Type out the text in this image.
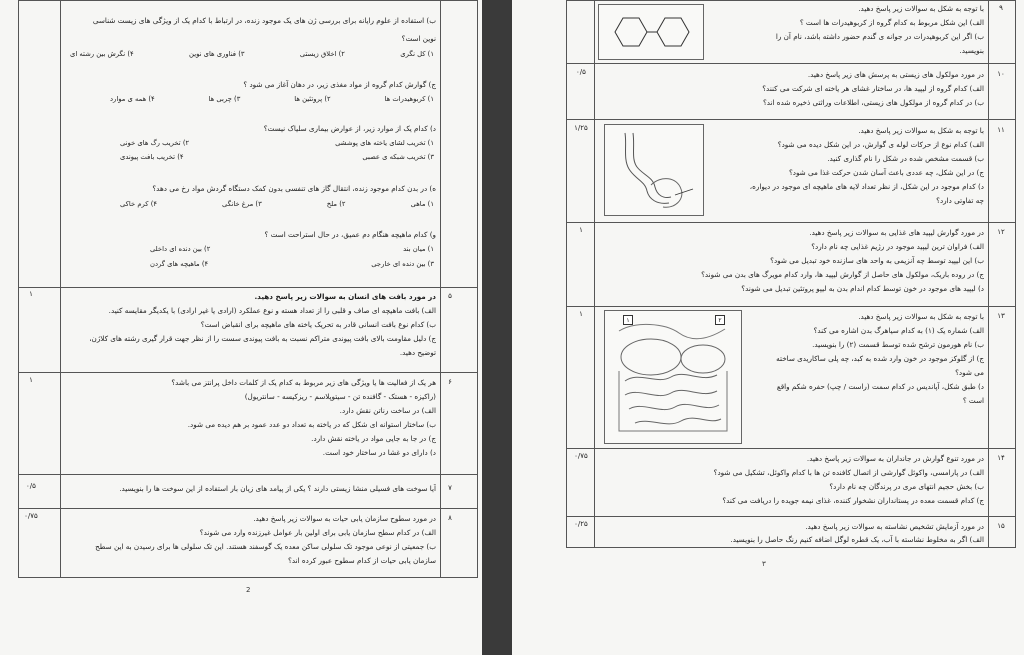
ب) استفاده از علوم رایانه برای بررسی ژن های یک موجود زنده، در ارتباط با کدام یک از ویژگی های زیست شناسی
نوین است؟
۱) کل نگری
۲) اخلاق زیستی
۳) فناوری های نوین
۴) نگرش بین رشته ای
ج) گوارش کدام گروه از مواد مغذی زیر، در دهان آغاز می شود ؟
۱) کربوهیدرات ها
۲) پروتئین ها
۳) چربی ها
۴) همه ی موارد
د) کدام یک از موارد زیر، از عوارض بیماری سلیاک نیست؟
۱) تخریب لشای یاخته های پوششی
۲) تخریب رگ های خونی
۳) تخریب شبکه ی عصبی
۴) تخریب بافت پیوندی
ه) در بدن کدام موجود زنده، انتقال گاز های تنفسی بدون کمک دستگاه گردش مواد رخ می دهد؟
۱) ماهی
۲) ملخ
۳) مرغ خانگی
۴) کرم خاکی
و) کدام ماهیچه هنگام دم عمیق، در حال استراحت است ؟
۱) میان بند
۲) بین دنده ای داخلی
۳) بین دنده ای خارجی
۴) ماهیچه های گردن
۵
۱	در مورد بافت های انسان به سوالات زیر پاسخ دهید.
الف) بافت ماهیچه ای صاف و قلبی را از تعداد هسته و نوع عملکرد (ارادی یا غیر ارادی) با یکدیگر مقایسه کنید.
ب) کدام نوع بافت انسانی قادر به تحریک یاخته های ماهیچه برای انقباض است؟
ج) دلیل مقاومت بالای بافت پیوندی متراکم نسبت به بافت پیوندی سست را از نظر جهت قرار گیری رشته های کلاژن،
توضیح دهید.
۶
۱	هر یک از فعالیت ها یا ویژگی های زیر مربوط به کدام یک از کلمات داخل پرانتز می باشد؟
(راکیزه - هستک - گافنده تن - سیتوپلاسم - ریزکیسه - سانتریول)
الف) در ساخت رناتن نقش دارد.
ب) ساختار استوانه ای شکل که در یاخته به تعداد دو عدد عمود بر هم دیده می شود.
ج) در جا به جایی مواد در یاخته نقش دارد.
د) دارای دو غشا در ساختار خود است.
۷
۰/۵	آیا سوخت های فسیلی منشا زیستی دارند ؟ یکی از پیامد های زیان بار استفاده از این سوخت ها را بنویسید.
۸
۰/۷۵	در مورد سطوح سازمان یابی حیات به سوالات زیر پاسخ دهید.
الف) در کدام سطح سازمان یابی برای اولین بار عوامل غیرزنده وارد می شوند؟
ب) جمعیتی از نوعی موجود تک سلولی ساکن معده یک گوسفند هستند. این تک سلولی ها برای رسیدن به این سطح
سازمان یابی حیات از کدام سطوح عبور کرده اند؟
2
۹
با توجه به شکل به سوالات زیر پاسخ دهید.
الف) این شکل مربوط به کدام گروه از کربوهیدرات ها است ؟
ب) اگر این کربوهیدرات در جوانه ی گندم حضور داشته باشد، نام آن را
بنویسید.
۱۰
۰/۵	در مورد مولکول های زیستی به پرسش های زیر پاسخ دهید.
الف) کدام گروه از لیپید ها، در ساختار غشای هر یاخته ای شرکت می کنند؟
ب) در کدام گروه از مولکول های زیستی، اطلاعات وراثتی ذخیره شده اند؟
۱۱
۱/۲۵	با توجه به شکل به سوالات زیر پاسخ دهید.
الف) کدام نوع از حرکات لوله ی گوارش، در این شکل دیده می شود؟
ب) قسمت مشخص شده در شکل را نام گذاری کنید.
ج) در این شکل، چه عددی باعث آسان شدن حرکت غذا می شود؟
د) کدام موجود در این شکل، از نظر تعداد لایه های ماهیچه ای موجود در دیواره،
چه تفاوتی دارد؟
۱۲
۱	در مورد گوارش لیپید های غذایی به سوالات زیر پاسخ دهید.
الف) فراوان ترین لیپید موجود در رژیم غذایی چه نام دارد؟
ب) این لیپید توسط چه آنزیمی به واحد های سازنده خود تبدیل می شود؟
ج) در روده باریک، مولکول های حاصل از گوارش لیپید ها، وارد کدام مویرگ های بدن می شوند؟
د) لیپید های موجود در خون توسط کدام اندام بدن به لیپو پروتئین تبدیل می شوند؟
۱۳
۱
۱	۲	با توجه به شکل به سوالات زیر پاسخ دهید.
الف) شماره یک (۱) به کدام سیاهرگ بدن اشاره می کند؟
ب) نام هورمون ترشح شده توسط قسمت (۲) را بنویسید.
ج) از گلوکز موجود در خون وارد شده به کبد، چه پلی ساکاریدی ساخته
می شود؟
د) طبق شکل، آپاندیس در کدام سمت (راست / چپ) حفره شکم واقع
است ؟
۱۴
۰/۷۵	در مورد تنوع گوارش در جانداران به سوالات زیر پاسخ دهید.
الف) در پارامسی، واکوئل گوارشی از اتصال کافنده تن ها با کدام واکوئل، تشکیل می شود؟
ب) بخش حجیم انتهای مری در پرندگان چه نام دارد؟
ج) کدام قسمت معده در پستانداران نشخوار کننده، غذای نیمه جویده را دریافت می کند؟
۱۵
۰/۲۵	در مورد آزمایش تشخیص نشاسته به سوالات زیر پاسخ دهید.
الف) اگر به مخلوط نشاسته با آب، یک قطره لوگل اضافه کنیم رنگ حاصل را بنویسید.
۳
